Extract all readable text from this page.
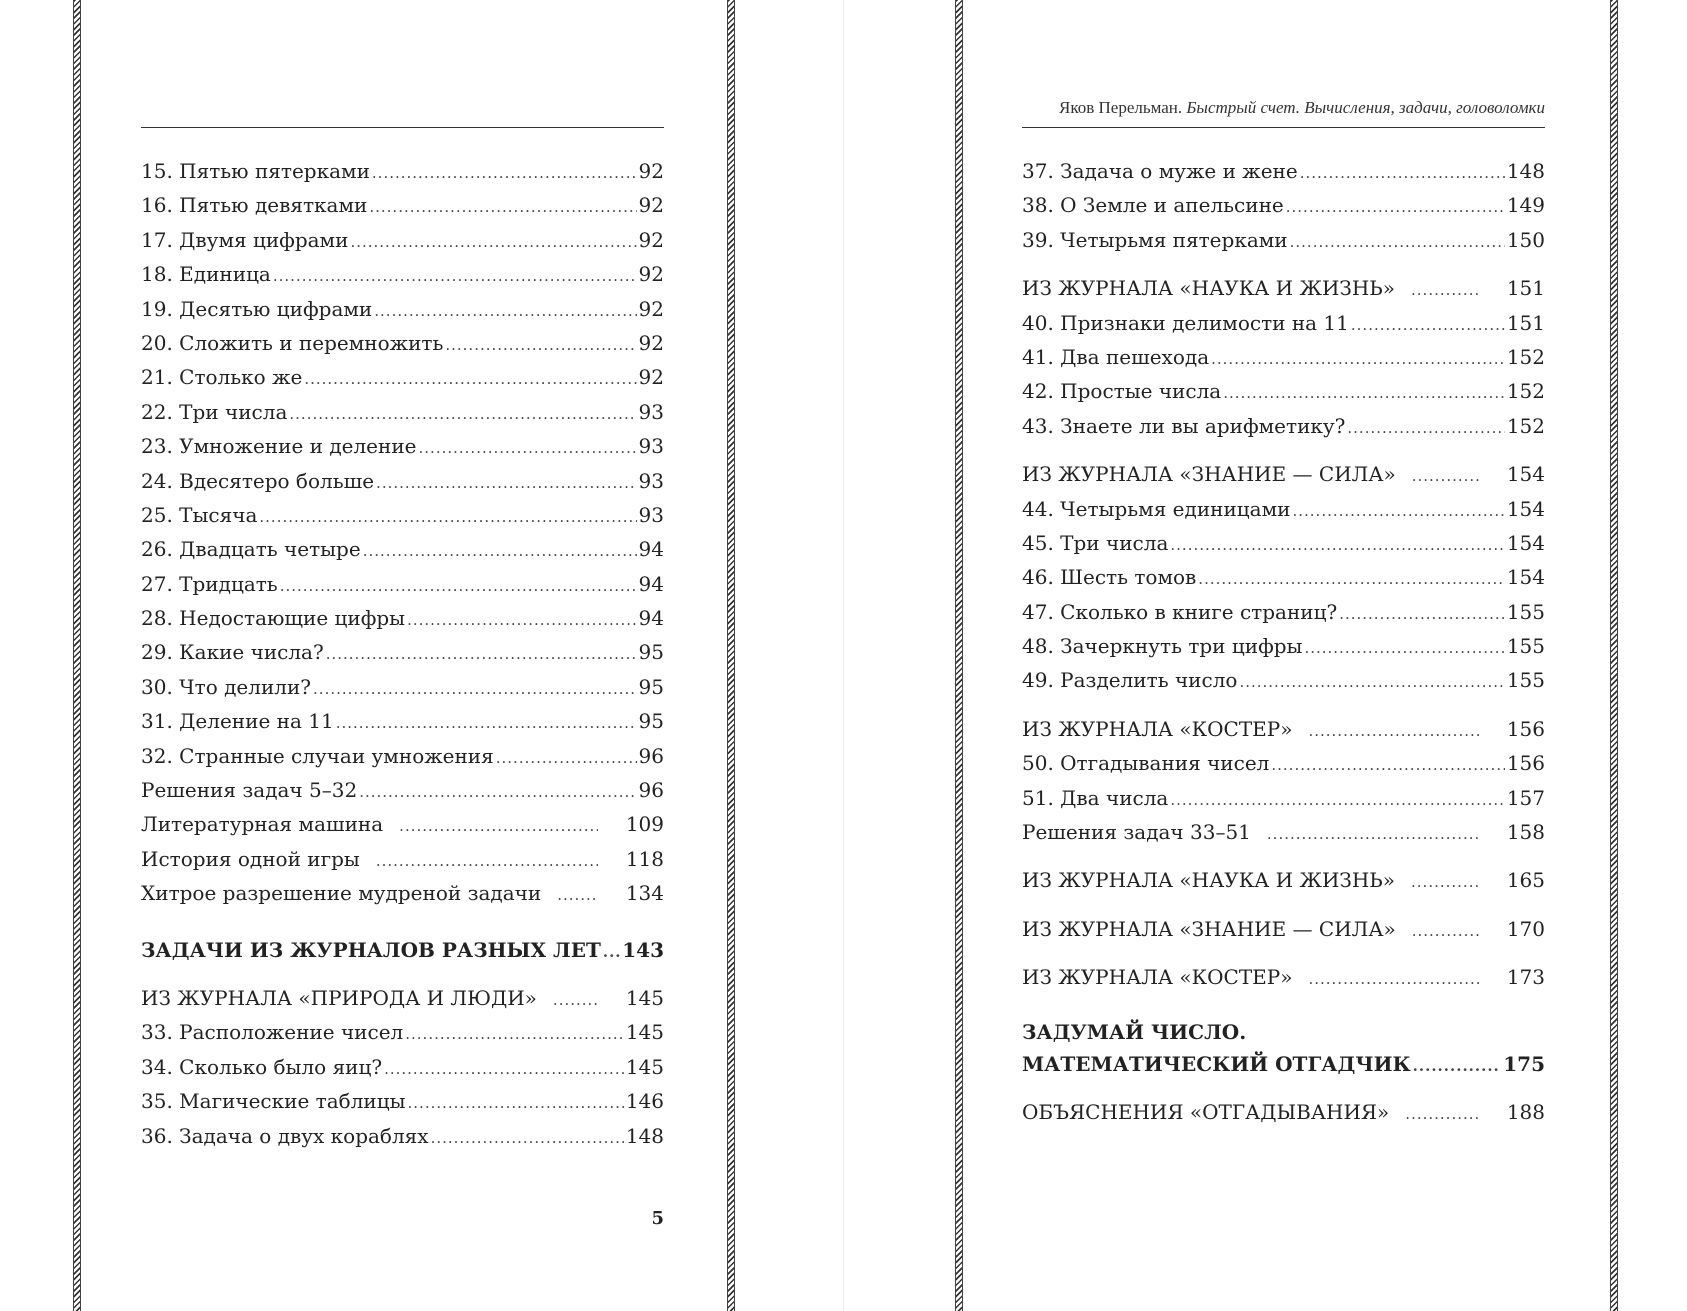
15. Пятью пятерками .....	92
16. Пятью девятками .....	92
17. Двумя цифрами .....	92
18. Единица .....	92
19. Десятью цифрами .....	92
20. Сложить и перемножить .....	92
21. Столько же .....	92
22. Три числа .....	93
23. Умножение и деление .....	93
24. Вдесятеро больше .....	93
25. Тысяча .....	93
26. Двадцать четыре .....	94
27. Тридцать .....	94
28. Недостающие цифры .....	94
29. Какие числа? .....	95
30. Что делили? .....	95
31. Деление на 11 .....	95
32. Странные случаи умножения .....	96
Решения задач 5–32 .....	96
Литературная машина .....	109
История одной игры .....	118
Хитрое разрешение мудреной задачи .....	134
ЗАДАЧИ ИЗ ЖУРНАЛОВ РАЗНЫХ ЛЕТ ..... 143
ИЗ ЖУРНАЛА «ПРИРОДА И ЛЮДИ» .....	145
33. Расположение чисел .....	145
34. Сколько было яиц? .....	145
35. Магические таблицы .....	146
36. Задача о двух кораблях .....	148
5
Яков Перельман. Быстрый счет. Вычисления, задачи, головоломки
37. Задача о муже и жене .....	148
38. О Земле и апельсине .....	149
39. Четырьмя пятерками .....	150
ИЗ ЖУРНАЛА «НАУКА И ЖИЗНЬ» .....	151
40. Признаки делимости на 11 .....	151
41. Два пешехода .....	152
42. Простые числа .....	152
43. Знаете ли вы арифметику? .....	152
ИЗ ЖУРНАЛА «ЗНАНИЕ — СИЛА» .....	154
44. Четырьмя единицами .....	154
45. Три числа .....	154
46. Шесть томов .....	154
47. Сколько в книге страниц? .....	155
48. Зачеркнуть три цифры .....	155
49. Разделить число .....	155
ИЗ ЖУРНАЛА «КОСТЕР» .....	156
50. Отгадывания чисел .....	156
51. Два числа .....	157
Решения задач 33–51 .....	158
ИЗ ЖУРНАЛА «НАУКА И ЖИЗНЬ» .....	165
ИЗ ЖУРНАЛА «ЗНАНИЕ — СИЛА» .....	170
ИЗ ЖУРНАЛА «КОСТЕР» .....	173
ЗАДУМАЙ ЧИСЛО.
МАТЕМАТИЧЕСКИЙ ОТГАДЧИК .....	175
ОБЪЯСНЕНИЯ «ОТГАДЫВАНИЯ» .....	188
